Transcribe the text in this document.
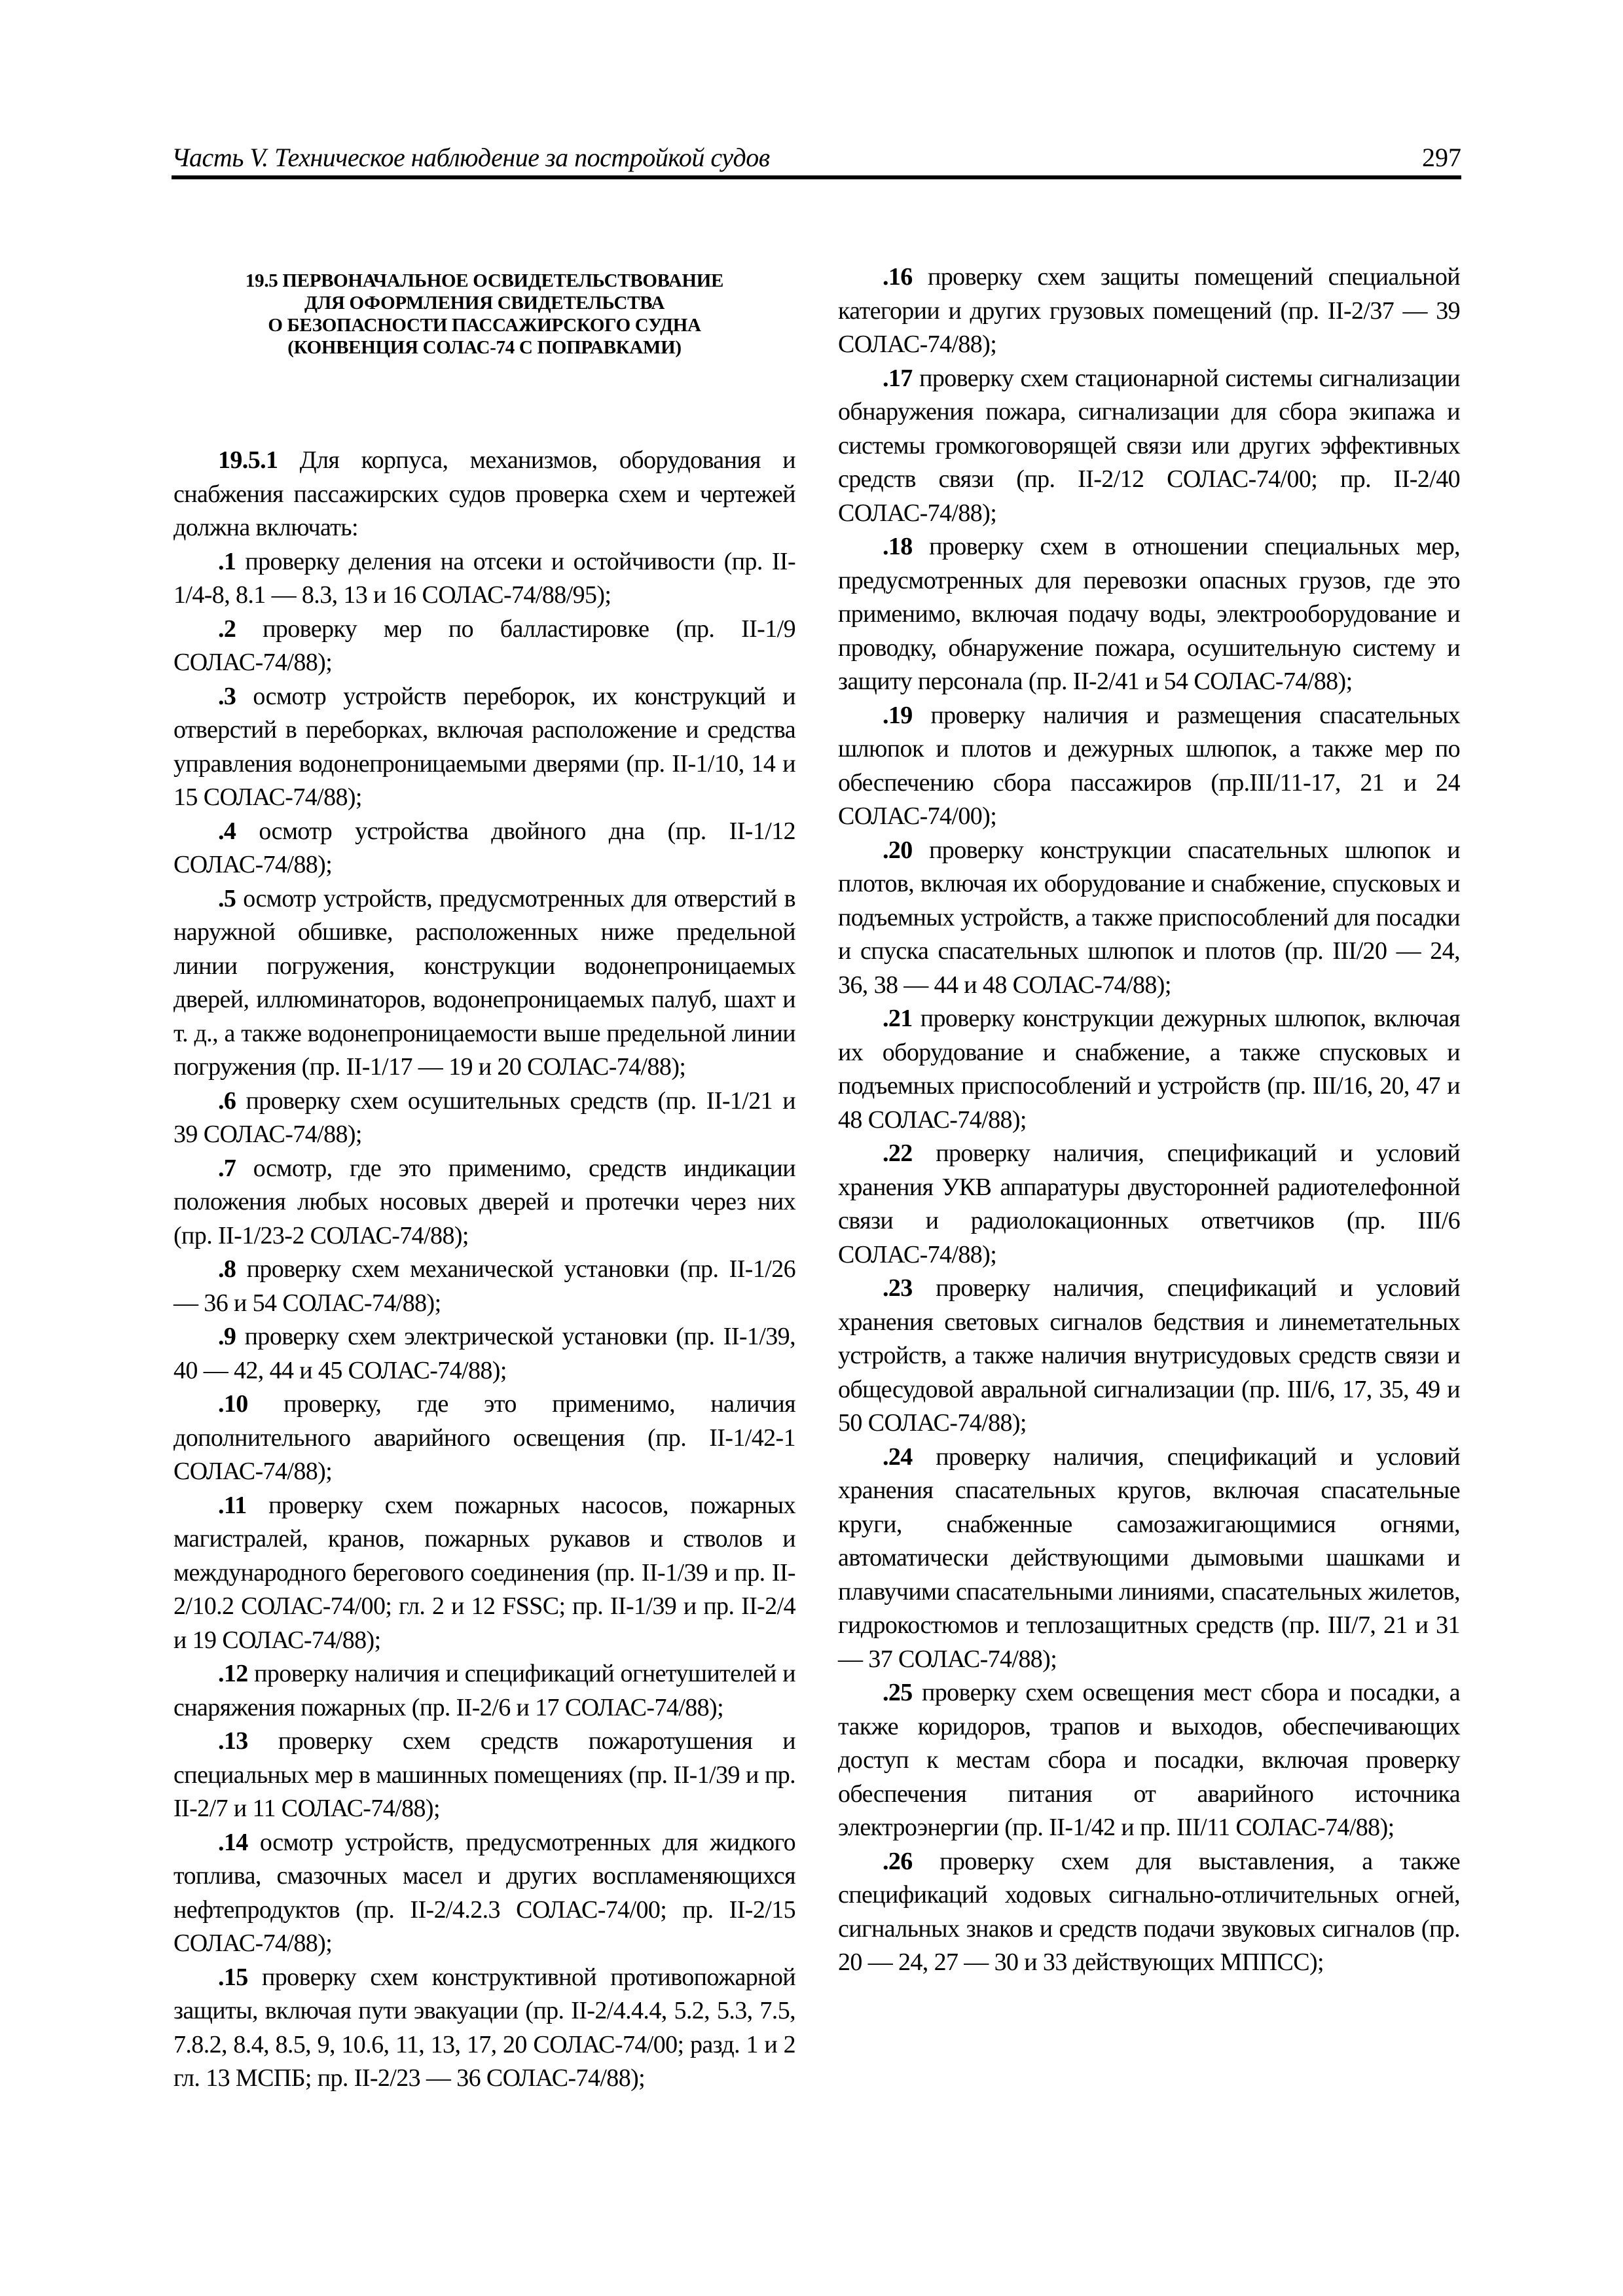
Часть V. Техническое наблюдение за постройкой судов	297
19.5 ПЕРВОНАЧАЛЬНОЕ ОСВИДЕТЕЛЬСТВОВАНИЕ
ДЛЯ ОФОРМЛЕНИЯ СВИДЕТЕЛЬСТВА
О БЕЗОПАСНОСТИ ПАССАЖИРСКОГО СУДНА
(КОНВЕНЦИЯ СОЛАС-74 С ПОПРАВКАМИ)

19.5.1 Для корпуса, механизмов, оборудования и снабжения пассажирских судов проверка схем и чертежей должна включать:

.1 проверку деления на отсеки и остойчивости (пр. II-1/4-8, 8.1 — 8.3, 13 и 16 СОЛАС-74/88/95);

.2 проверку мер по балластировке (пр. II-1/9 СОЛАС-74/88);

.3 осмотр устройств переборок, их конструкций и отверстий в переборках, включая расположение и средства управления водонепроницаемыми дверями (пр. II-1/10, 14 и 15 СОЛАС-74/88);

.4 осмотр устройства двойного дна (пр. II-1/12 СОЛАС-74/88);

.5 осмотр устройств, предусмотренных для отверстий в наружной обшивке, расположенных ниже предельной линии погружения, конструкции водонепроницаемых дверей, иллюминаторов, водонепроницаемых палуб, шахт и т. д., а также водонепроницаемости выше предельной линии погружения (пр. II-1/17 — 19 и 20 СОЛАС-74/88);

.6 проверку схем осушительных средств (пр. II-1/21 и 39 СОЛАС-74/88);

.7 осмотр, где это применимо, средств индикации положения любых носовых дверей и протечки через них (пр. II-1/23-2 СОЛАС-74/88);

.8 проверку схем механической установки (пр. II-1/26 — 36 и 54 СОЛАС-74/88);

.9 проверку схем электрической установки (пр. II-1/39, 40 — 42, 44 и 45 СОЛАС-74/88);

.10 проверку, где это применимо, наличия дополнительного аварийного освещения (пр. II-1/42-1 СОЛАС-74/88);

.11 проверку схем пожарных насосов, пожарных магистралей, кранов, пожарных рукавов и стволов и международного берегового соединения (пр. II-1/39 и пр. II-2/10.2 СОЛАС-74/00; гл. 2 и 12 FSSC; пр. II-1/39 и пр. II-2/4 и 19 СОЛАС-74/88);

.12 проверку наличия и спецификаций огнетушителей и снаряжения пожарных (пр. II-2/6 и 17 СОЛАС-74/88);

.13 проверку схем средств пожаротушения и специальных мер в машинных помещениях (пр. II-1/39 и пр. II-2/7 и 11 СОЛАС-74/88);

.14 осмотр устройств, предусмотренных для жидкого топлива, смазочных масел и других воспламеняющихся нефтепродуктов (пр. II-2/4.2.3 СОЛАС-74/00; пр. II-2/15 СОЛАС-74/88);

.15 проверку схем конструктивной противопожарной защиты, включая пути эвакуации (пр. II-2/4.4.4, 5.2, 5.3, 7.5, 7.8.2, 8.4, 8.5, 9, 10.6, 11, 13, 17, 20 СОЛАС-74/00; разд. 1 и 2 гл. 13 МСПБ; пр. II-2/23 — 36 СОЛАС-74/88);

.16 проверку схем защиты помещений специальной категории и других грузовых помещений (пр. II-2/37 — 39 СОЛАС-74/88);

.17 проверку схем стационарной системы сигнализации обнаружения пожара, сигнализации для сбора экипажа и системы громкоговорящей связи или других эффективных средств связи (пр. II-2/12 СОЛАС-74/00; пр. II-2/40 СОЛАС-74/88);

.18 проверку схем в отношении специальных мер, предусмотренных для перевозки опасных грузов, где это применимо, включая подачу воды, электрооборудование и проводку, обнаружение пожара, осушительную систему и защиту персонала (пр. II-2/41 и 54 СОЛАС-74/88);

.19 проверку наличия и размещения спасательных шлюпок и плотов и дежурных шлюпок, а также мер по обеспечению сбора пассажиров (пр.III/11-17, 21 и 24 СОЛАС-74/00);

.20 проверку конструкции спасательных шлюпок и плотов, включая их оборудование и снабжение, спусковых и подъемных устройств, а также приспособлений для посадки и спуска спасательных шлюпок и плотов (пр. III/20 — 24, 36, 38 — 44 и 48 СОЛАС-74/88);

.21 проверку конструкции дежурных шлюпок, включая их оборудование и снабжение, а также спусковых и подъемных приспособлений и устройств (пр. III/16, 20, 47 и 48 СОЛАС-74/88);

.22 проверку наличия, спецификаций и условий хранения УКВ аппаратуры двусторонней радиотелефонной связи и радиолокационных ответчиков (пр. III/6 СОЛАС-74/88);

.23 проверку наличия, спецификаций и условий хранения световых сигналов бедствия и линеметательных устройств, а также наличия внутрисудовых средств связи и общесудовой авральной сигнализации (пр. III/6, 17, 35, 49 и 50 СОЛАС-74/88);

.24 проверку наличия, спецификаций и условий хранения спасательных кругов, включая спасательные круги, снабженные самозажигающимися огнями, автоматически действующими дымовыми шашками и плавучими спасательными линиями, спасательных жилетов, гидрокостюмов и теплозащитных средств (пр. III/7, 21 и 31 — 37 СОЛАС-74/88);

.25 проверку схем освещения мест сбора и посадки, а также коридоров, трапов и выходов, обеспечивающих доступ к местам сбора и посадки, включая проверку обеспечения питания от аварийного источника электроэнергии (пр. II-1/42 и пр. III/11 СОЛАС-74/88);

.26 проверку схем для выставления, а также спецификаций ходовых сигнально-отличительных огней, сигнальных знаков и средств подачи звуковых сигналов (пр. 20 — 24, 27 — 30 и 33 действующих МППСС);
